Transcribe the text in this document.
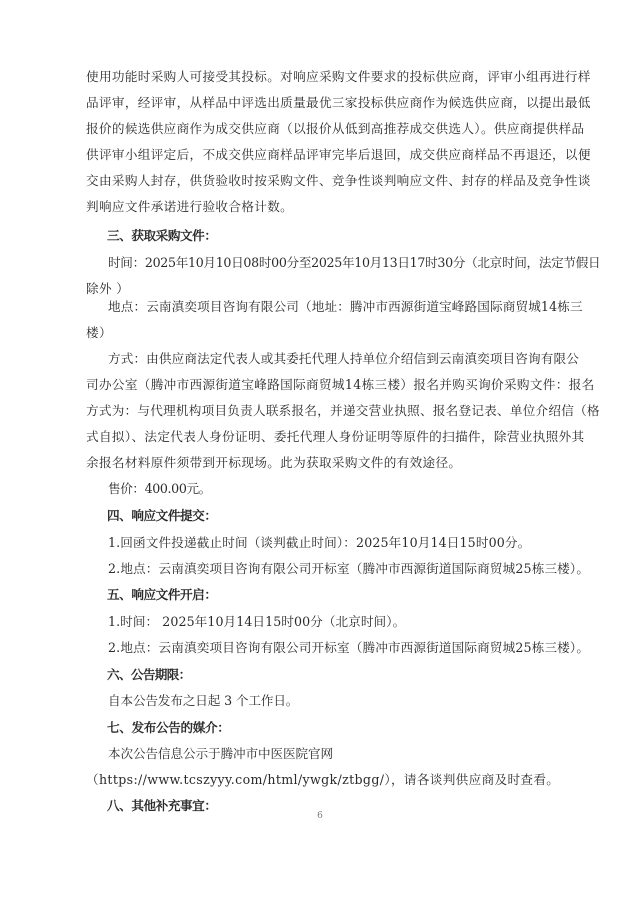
使用功能时采购人可接受其投标。对响应采购文件要求的投标供应商，评审小组再进行样
品评审，经评审，从样品中评选出质量最优三家投标供应商作为候选供应商，以提出最低
报价的候选供应商作为成交供应商（以报价从低到高推荐成交供选人）。供应商提供样品
供评审小组评定后，不成交供应商样品评审完毕后退回，成交供应商样品不再退还，以便
交由采购人封存，供货验收时按采购文件、竞争性谈判响应文件、封存的样品及竞争性谈
判响应文件承诺进行验收合格计数。
三、获取采购文件：
时间：2025年10月10日08时00分至2025年10月13日17时30分（北京时间，法定节假日
除外 ）
地点：云南滇奕项目咨询有限公司（地址：腾冲市西源街道宝峰路国际商贸城14栋三
楼）
方式：由供应商法定代表人或其委托代理人持单位介绍信到云南滇奕项目咨询有限公
司办公室（腾冲市西源街道宝峰路国际商贸城14栋三楼）报名并购买询价采购文件：报名
方式为：与代理机构项目负责人联系报名，并递交营业执照、报名登记表、单位介绍信（格
式自拟）、法定代表人身份证明、委托代理人身份证明等原件的扫描件，除营业执照外其
余报名材料原件须带到开标现场。此为获取采购文件的有效途径。
售价：400.00元。
四、响应文件提交：
1.回函文件投递截止时间（谈判截止时间）：2025年10月14日15时00分。
2.地点：云南滇奕项目咨询有限公司开标室（腾冲市西源街道国际商贸城25栋三楼）。
五、响应文件开启：
1.时间： 2025年10月14日15时00分（北京时间）。
2.地点：云南滇奕项目咨询有限公司开标室（腾冲市西源街道国际商贸城25栋三楼）。
六、公告期限：
自本公告发布之日起 3 个工作日。
七、发布公告的媒介：
本次公告信息公示于腾冲市中医医院官网
（https://www.tcszyyy.com/html/ywgk/ztbgg/），请各谈判供应商及时查看。
八、其他补充事宜：
6
